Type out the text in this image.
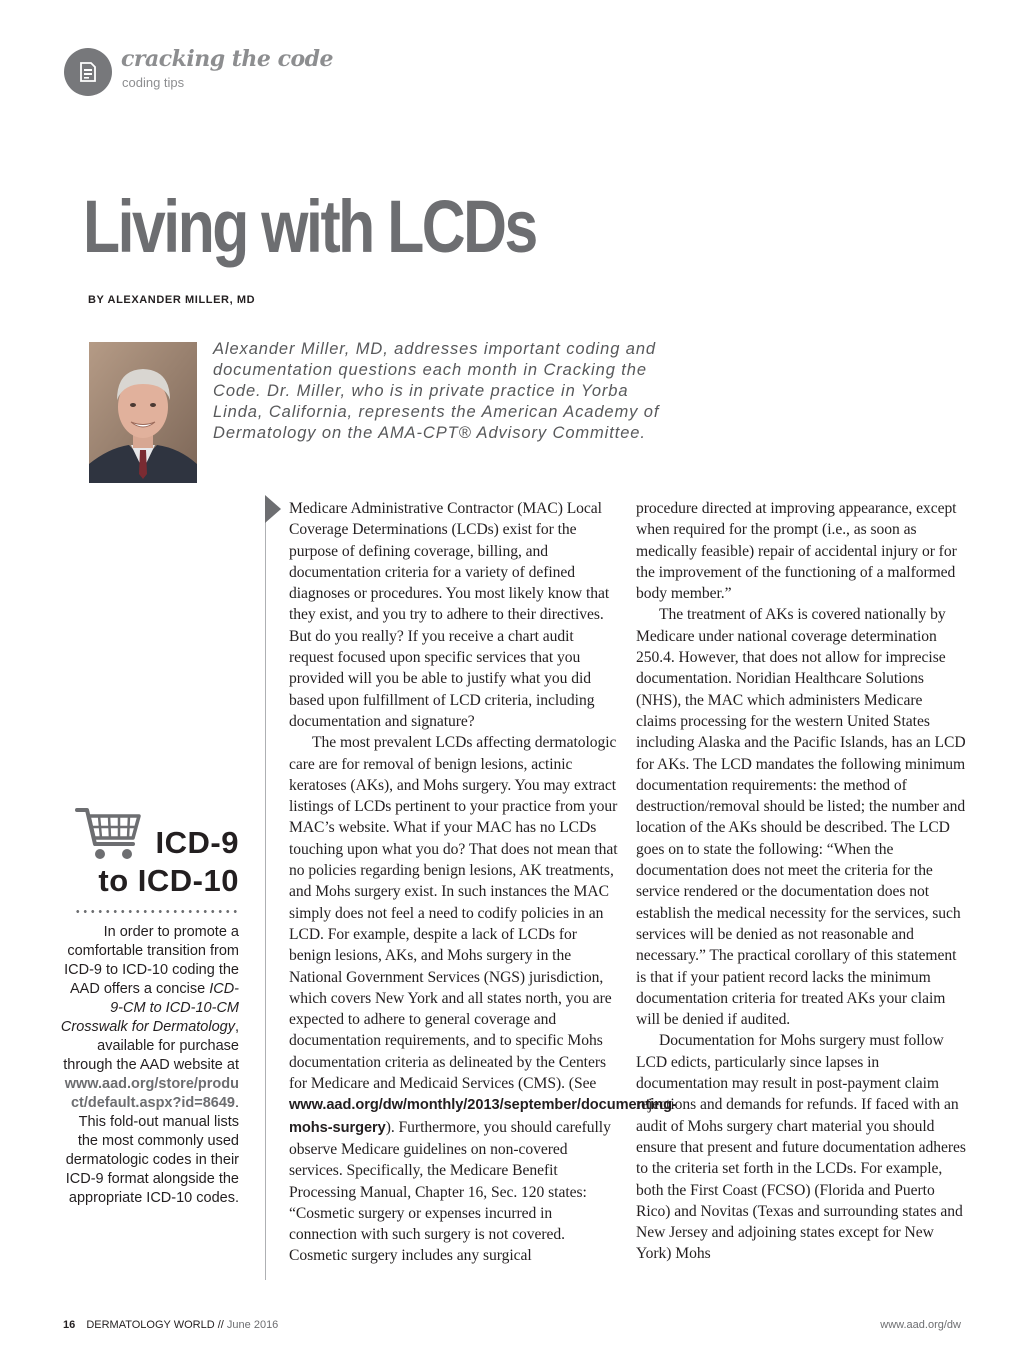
cracking the code
coding tips
Living with LCDs
BY ALEXANDER MILLER, MD

Alexander Miller, MD, addresses important coding and documentation questions each month in Cracking the Code. Dr. Miller, who is in private practice in Yorba Linda, California, represents the American Academy of Dermatology on the AMA-CPT® Advisory Committee.

ICD-9
to ICD-10

In order to promote a comfortable transition from ICD-9 to ICD-10 coding the AAD offers a concise ICD-9-CM to ICD-10-CM Crosswalk for Dermatology, available for purchase through the AAD website at www.aad.org/store/product/default.aspx?id=8649. This fold-out manual lists the most commonly used dermatologic codes in their ICD-9 format alongside the appropriate ICD-10 codes.

Medicare Administrative Contractor (MAC) Local Coverage Determinations (LCDs) exist for the purpose of defining coverage, billing, and documentation criteria for a variety of defined diagnoses or procedures. You most likely know that they exist, and you try to adhere to their directives. But do you really? If you receive a chart audit request focused upon specific services that you provided will you be able to justify what you did based upon fulfillment of LCD criteria, including documentation and signature?

The most prevalent LCDs affecting dermatologic care are for removal of benign lesions, actinic keratoses (AKs), and Mohs surgery. You may extract listings of LCDs pertinent to your practice from your MAC’s website. What if your MAC has no LCDs touching upon what you do? That does not mean that no policies regarding benign lesions, AK treatments, and Mohs surgery exist. In such instances the MAC simply does not feel a need to codify policies in an LCD. For example, despite a lack of LCDs for benign lesions, AKs, and Mohs surgery in the National Government Services (NGS) jurisdiction, which covers New York and all states north, you are expected to adhere to general coverage and documentation requirements, and to specific Mohs documentation criteria as delineated by the Centers for Medicare and Medicaid Services (CMS). (See www.aad.org/dw/monthly/2013/september/documenting-mohs-surgery). Furthermore, you should carefully observe Medicare guidelines on non-covered services. Specifically, the Medicare Benefit Processing Manual, Chapter 16, Sec. 120 states: “Cosmetic surgery or expenses incurred in connection with such surgery is not covered. Cosmetic surgery includes any surgical

procedure directed at improving appearance, except when required for the prompt (i.e., as soon as medically feasible) repair of accidental injury or for the improvement of the functioning of a malformed body member.”

The treatment of AKs is covered nationally by Medicare under national coverage determination 250.4. However, that does not allow for imprecise documentation. Noridian Healthcare Solutions (NHS), the MAC which administers Medicare claims processing for the western United States including Alaska and the Pacific Islands, has an LCD for AKs. The LCD mandates the following minimum documentation requirements: the method of destruction/removal should be listed; the number and location of the AKs should be described. The LCD goes on to state the following: “When the documentation does not meet the criteria for the service rendered or the documentation does not establish the medical necessity for the services, such services will be denied as not reasonable and necessary.” The practical corollary of this statement is that if your patient record lacks the minimum documentation criteria for treated AKs your claim will be denied if audited.

Documentation for Mohs surgery must follow LCD edicts, particularly since lapses in documentation may result in post-payment claim rejections and demands for refunds. If faced with an audit of Mohs surgery chart material you should ensure that present and future documentation adheres to the criteria set forth in the LCDs. For example, both the First Coast (FCSO) (Florida and Puerto Rico) and Novitas (Texas and surrounding states and New Jersey and adjoining states except for New York) Mohs

16 DERMATOLOGY WORLD // June 2016	www.aad.org/dw
